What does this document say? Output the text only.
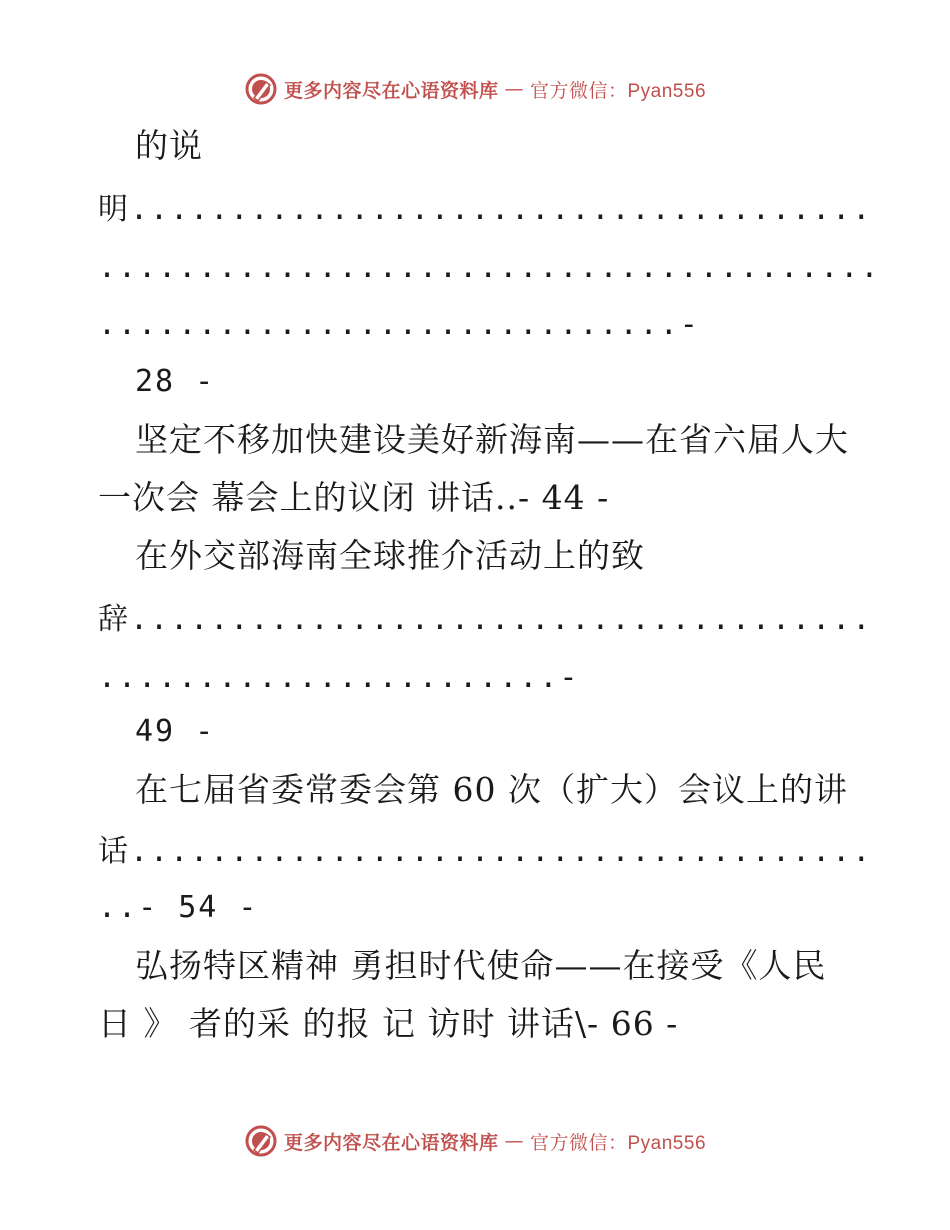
更多内容尽在心语资料库 — 官方微信：Pyan556
的说
明.....................................
.......................................
.............................-
28 -
坚定不移加快建设美好新海南——在省六届人大
一次会 幕会上的议闭 讲话..- 44 -
在外交部海南全球推介活动上的致
辞.....................................
.......................-
49 -
在七届省委常委会第 60 次（扩大）会议上的讲
话.....................................
..- 54 -
弘扬特区精神 勇担时代使命——在接受《人民
日 》 者的采 的报 记 访时 讲话\- 66 -
更多内容尽在心语资料库 — 官方微信：Pyan556
